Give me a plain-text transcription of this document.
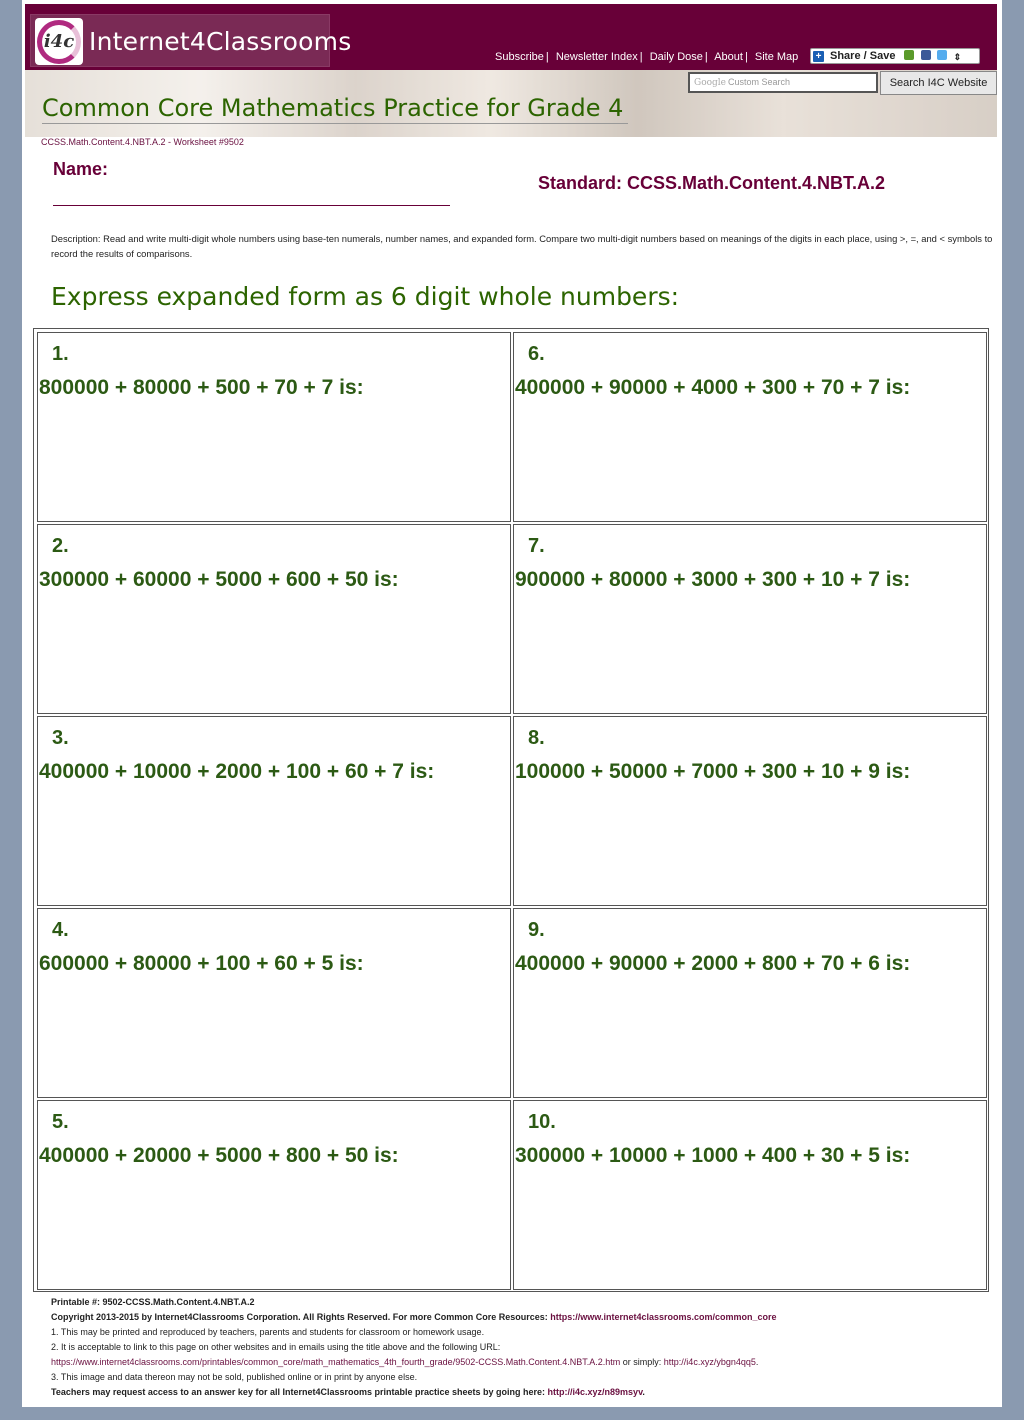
i4c Internet4Classrooms
Subscribe | Newsletter Index | Daily Dose | About | Site Map + Share / Save	⇕
Google Custom Search	Search I4C Website
Common Core Mathematics Practice for Grade 4
CCSS.Math.Content.4.NBT.A.2 - Worksheet #9502
Name:
Standard: CCSS.Math.Content.4.NBT.A.2
Description: Read and write multi-digit whole numbers using base-ten numerals, number names, and expanded form. Compare two multi-digit numbers based on meanings of the digits in each place, using >, =, and < symbols to record the results of comparisons.
Express expanded form as 6 digit whole numbers:
1.
800000 + 80000 + 500 + 70 + 7 is:
6.
400000 + 90000 + 4000 + 300 + 70 + 7 is:
2.
300000 + 60000 + 5000 + 600 + 50 is:
7.
900000 + 80000 + 3000 + 300 + 10 + 7 is:
3.
400000 + 10000 + 2000 + 100 + 60 + 7 is:
8.
100000 + 50000 + 7000 + 300 + 10 + 9 is:
4.
600000 + 80000 + 100 + 60 + 5 is:
9.
400000 + 90000 + 2000 + 800 + 70 + 6 is:
5.
400000 + 20000 + 5000 + 800 + 50 is:
10.
300000 + 10000 + 1000 + 400 + 30 + 5 is:
Printable #: 9502-CCSS.Math.Content.4.NBT.A.2
Copyright 2013-2015 by Internet4Classrooms Corporation. All Rights Reserved. For more Common Core Resources: https://www.internet4classrooms.com/common_core
1. This may be printed and reproduced by teachers, parents and students for classroom or homework usage.
2. It is acceptable to link to this page on other websites and in emails using the title above and the following URL:
https://www.internet4classrooms.com/printables/common_core/math_mathematics_4th_fourth_grade/9502-CCSS.Math.Content.4.NBT.A.2.htm or simply: http://i4c.xyz/ybgn4qq5.
3. This image and data thereon may not be sold, published online or in print by anyone else.
Teachers may request access to an answer key for all Internet4Classrooms printable practice sheets by going here: http://i4c.xyz/n89msyv.
